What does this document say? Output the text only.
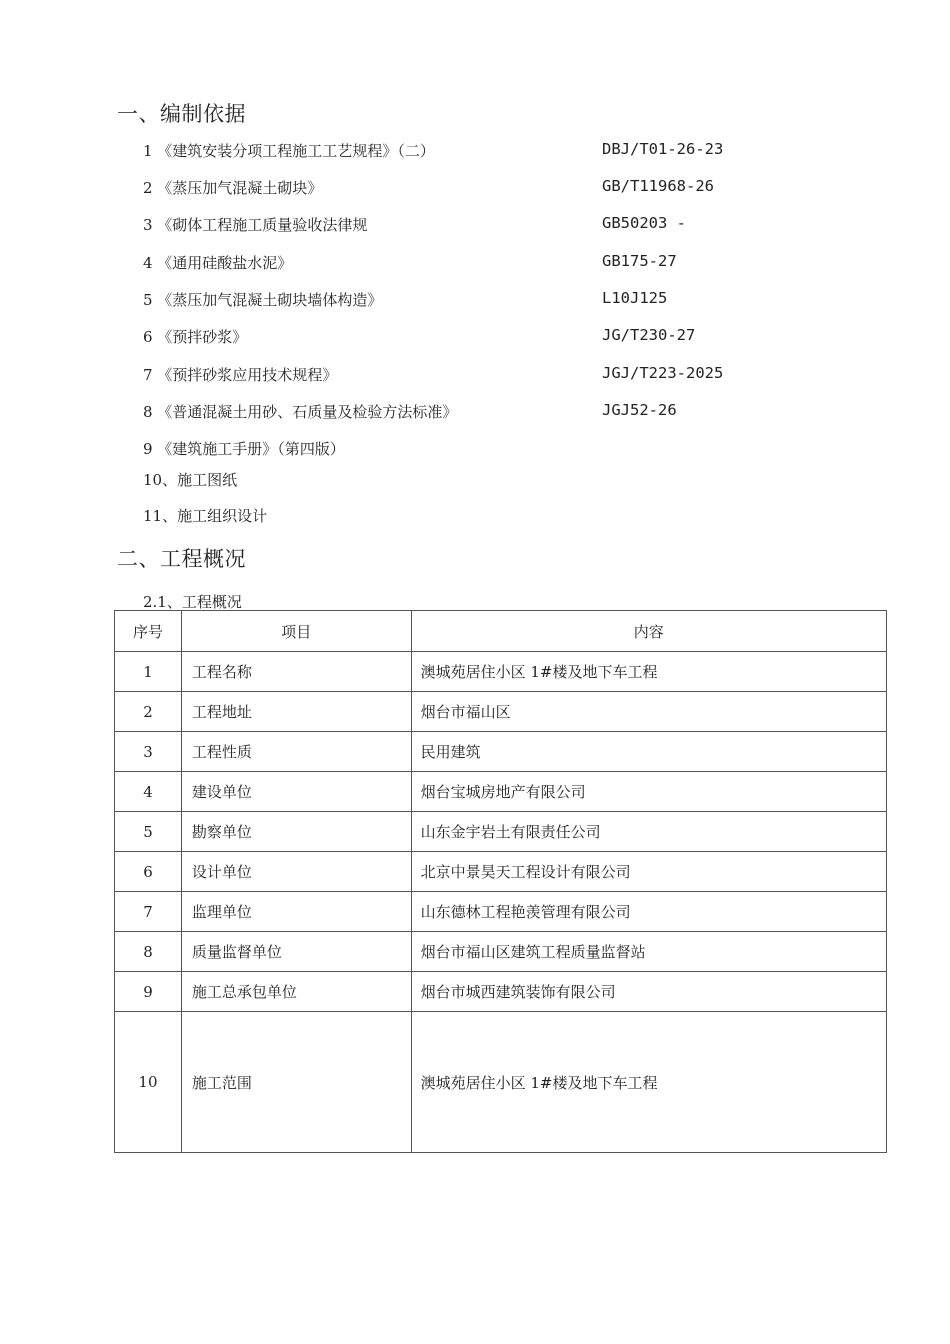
一、编制依据
1 《建筑安装分项工程施工工艺规程》（二）	DBJ/T01-26-23
2 《蒸压加气混凝土砌块》	GB/T11968-26
3 《砌体工程施工质量验收法律规	GB50203 -
4 《通用硅酸盐水泥》	GB175-27
5 《蒸压加气混凝土砌块墙体构造》	L10J125
6 《预拌砂浆》	JG/T230-27
7 《预拌砂浆应用技术规程》	JGJ/T223-2025
8 《普通混凝土用砂、石质量及检验方法标准》	JGJ52-26
9 《建筑施工手册》（第四版）
10、施工图纸
11、施工组织设计
二、工程概况
2.1、工程概况
序号	项目	内容
1	工程名称	澳城苑居住小区 1#楼及地下车工程
2	工程地址	烟台市福山区
3	工程性质	民用建筑
4	建设单位	烟台宝城房地产有限公司
5	勘察单位	山东金宇岩土有限责任公司
6	设计单位	北京中景昊天工程设计有限公司
7	监理单位	山东德林工程艳羡管理有限公司
8	质量监督单位	烟台市福山区建筑工程质量监督站
9	施工总承包单位	烟台市城西建筑装饰有限公司
10	施工范围	澳城苑居住小区 1#楼及地下车工程
